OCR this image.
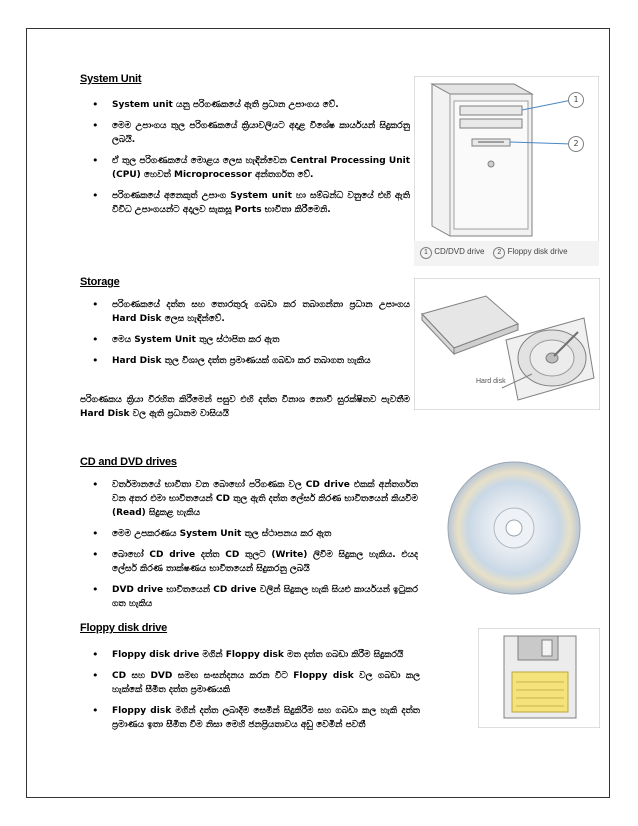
System Unit
• System unit යනු පරිගණකයේ ඇති ප්‍රධාන උපාංගය වේ.
• මෙම උපාංගය තුල පරිගණකයේ ක්‍රියාවලියට අදාළ විශේෂ කාර්යයන් සිදුකරනු ලබයි.
• ඒ තුල පරිගණකයේ මොළය ලෙස හැඳින්වෙන Central Processing Unit (CPU) හෙවත් Microprocessor අන්තර්ගත වේ.
• පරිගණකයේ අනෙකුත් උපාංග System unit හා සම්බන්ධ වනුයේ එහි ඇති විවිධ උපාංගයන්ට අදාලව සැකසූ Ports භාවිතා කිරීමෙනි.
1
2
1 CD/DVD drive 2 Floppy disk drive
Storage
• පරිගණකයේ දත්ත සහ තොරතුරු ගබඩා කර තබාගන්නා ප්‍රධාන උපාංගය Hard Disk ලෙස හැඳින්වේ.
• මෙය System Unit තුල ස්ථාපිත කර ඇත
• Hard Disk තුල විශාල දත්ත ප්‍රමාණයක් ගබඩා කර තබාගත හැකිය
පරිගණකය ක්‍රියා විරහිත කිරීමෙන් පසුව එහි දත්ත විනාශ නොවී සුරක්ෂිතව පැවතීම Hard Disk වල ඇති ප්‍රධානම වාසියයි
Hard disk
CD and DVD drives
• වර්තමානයේ භාවිතා වන බොහෝ පරිගණක වල CD drive එකක් අන්තර්ගත වන අතර එමා භාවිතයෙන් CD තුල ඇති දත්ත ලේසර් කිරණ භාවිතයෙන් කියවීම (Read) සිදුකළ හැකිය
• මෙම උපකරණය System Unit තුල ස්ථාපනය කර ඇත
• බොහෝ CD drive දත්ත CD තුලට (Write) ලිවීම සිදුකල හැකිය. එයද ලේසර් කිරණ තාක්ෂණය භාවිතයෙන් සිදුකරනු ලබයි
• DVD drive භාවිතයෙන් CD drive වලින් සිදුකල හැකි සියළු කාර්යයන් ඉටුකර ගත හැකිය
Floppy disk drive
• Floppy disk drive මගින් Floppy disk මත දත්ත ගබඩා කිරීම සිදුකරයි
• CD සහ DVD සමඟ සංසන්දනය කරන විට Floppy disk වල ගබඩා කල හැක්කේ සීමිත දත්ත ප්‍රමාණයකි
• Floppy disk මගින් දත්ත ලබාදීම සෙමින් සිදුකිරීම සහ ගබඩා කල හැකි දත්ත ප්‍රමාණය ඉතා සීමිත වීම නිසා මෙහි ජනප්‍රියතාවය අඩු වෙමින් පවතී
